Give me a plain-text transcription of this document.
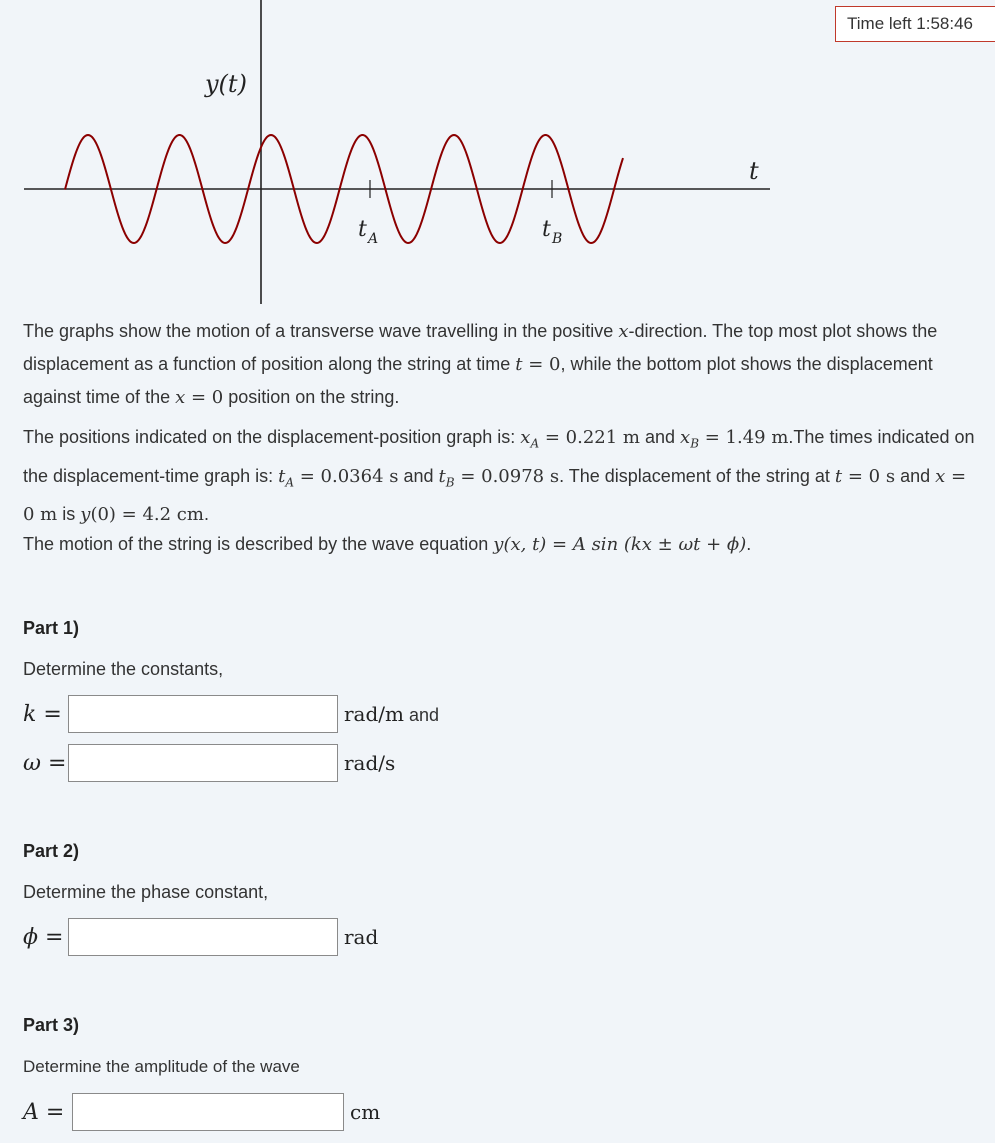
Time left 1:58:46
y(t)
t
t A	t B
The graphs show the motion of a transverse wave travelling in the positive x-direction. The top most plot shows the displacement as a function of position along the string at time t = 0, while the bottom plot shows the displacement against time of the x = 0 position on the string.
The positions indicated on the displacement-position graph is: $x_A = 0.221$ m and $x_B = 1.49$ m.The times indicated on the displacement-time graph is: $t_A = 0.0364$ s and $t_B = 0.0978$ s. The displacement of the string at t = 0 s and x = 0 m is y(0) = 4.2 cm.
The motion of the string is described by the wave equation y(x, t) = A sin (kx ± ωt + ϕ).
Part 1)
Determine the constants,
k =	rad/m and
ω =	rad/s
Part 2)
Determine the phase constant,
ϕ =	rad
Part 3)
Determine the amplitude of the wave
A =	cm
